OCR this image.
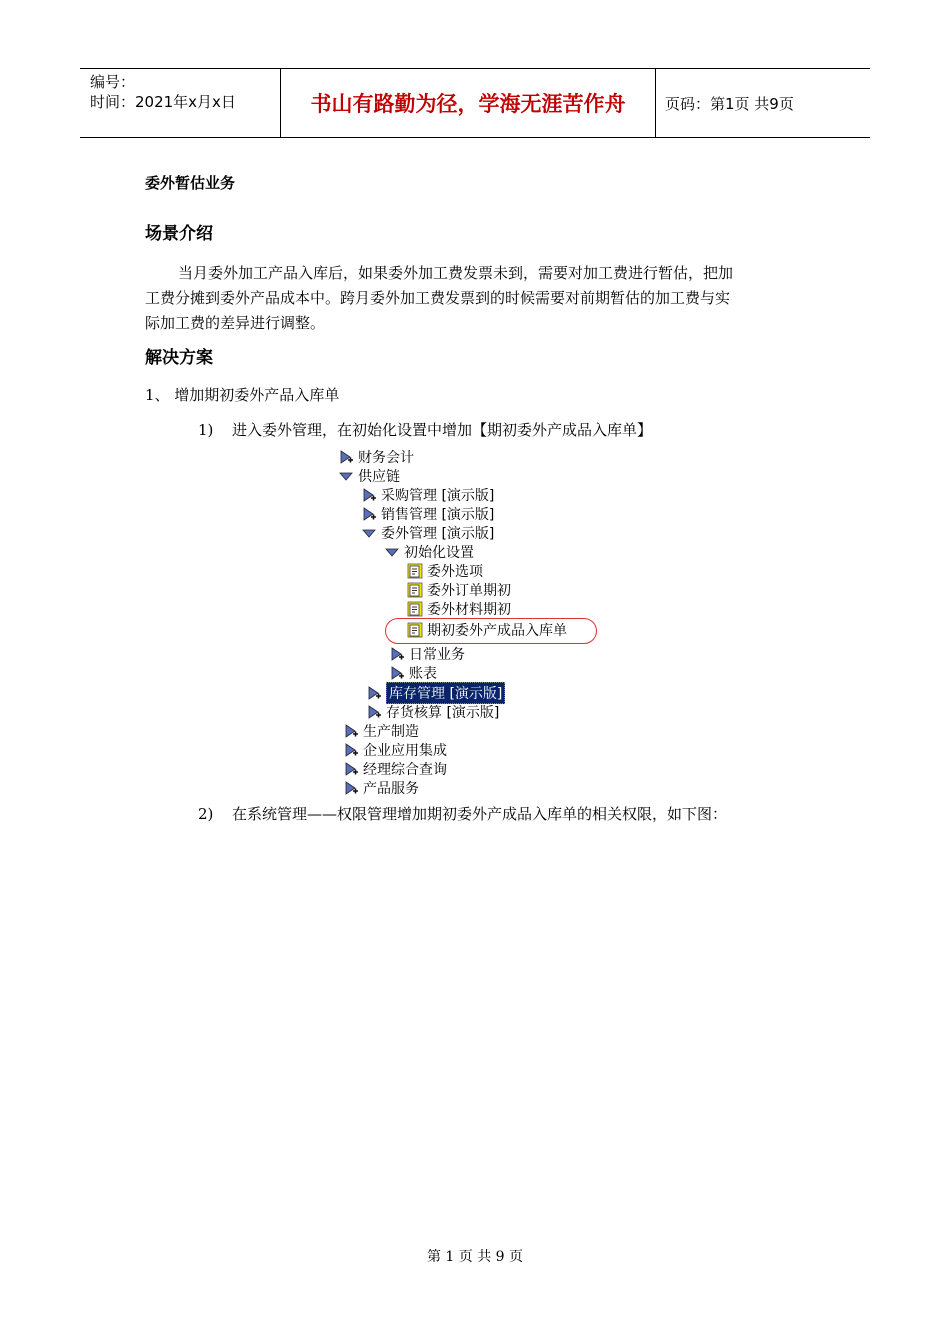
编号：
时间：2021年x月x日	书山有路勤为径，学海无涯苦作舟	页码：第1页 共9页
委外暂估业务
场景介绍
当月委外加工产品入库后，如果委外加工费发票未到，需要对加工费进行暂估，把加
工费分摊到委外产品成本中。跨月委外加工费发票到的时候需要对前期暂估的加工费与实
际加工费的差异进行调整。
解决方案
1、 增加期初委外产品入库单
1) 进入委外管理，在初始化设置中增加【期初委外产成品入库单】
财务会计
供应链
采购管理 [演示版]
销售管理 [演示版]
委外管理 [演示版]
初始化设置
委外选项
委外订单期初
委外材料期初
期初委外产成品入库单
日常业务
账表
库存管理 [演示版]
存货核算 [演示版]
生产制造
企业应用集成
经理综合查询
产品服务
2) 在系统管理——权限管理增加期初委外产成品入库单的相关权限，如下图：
第 1 页 共 9 页
